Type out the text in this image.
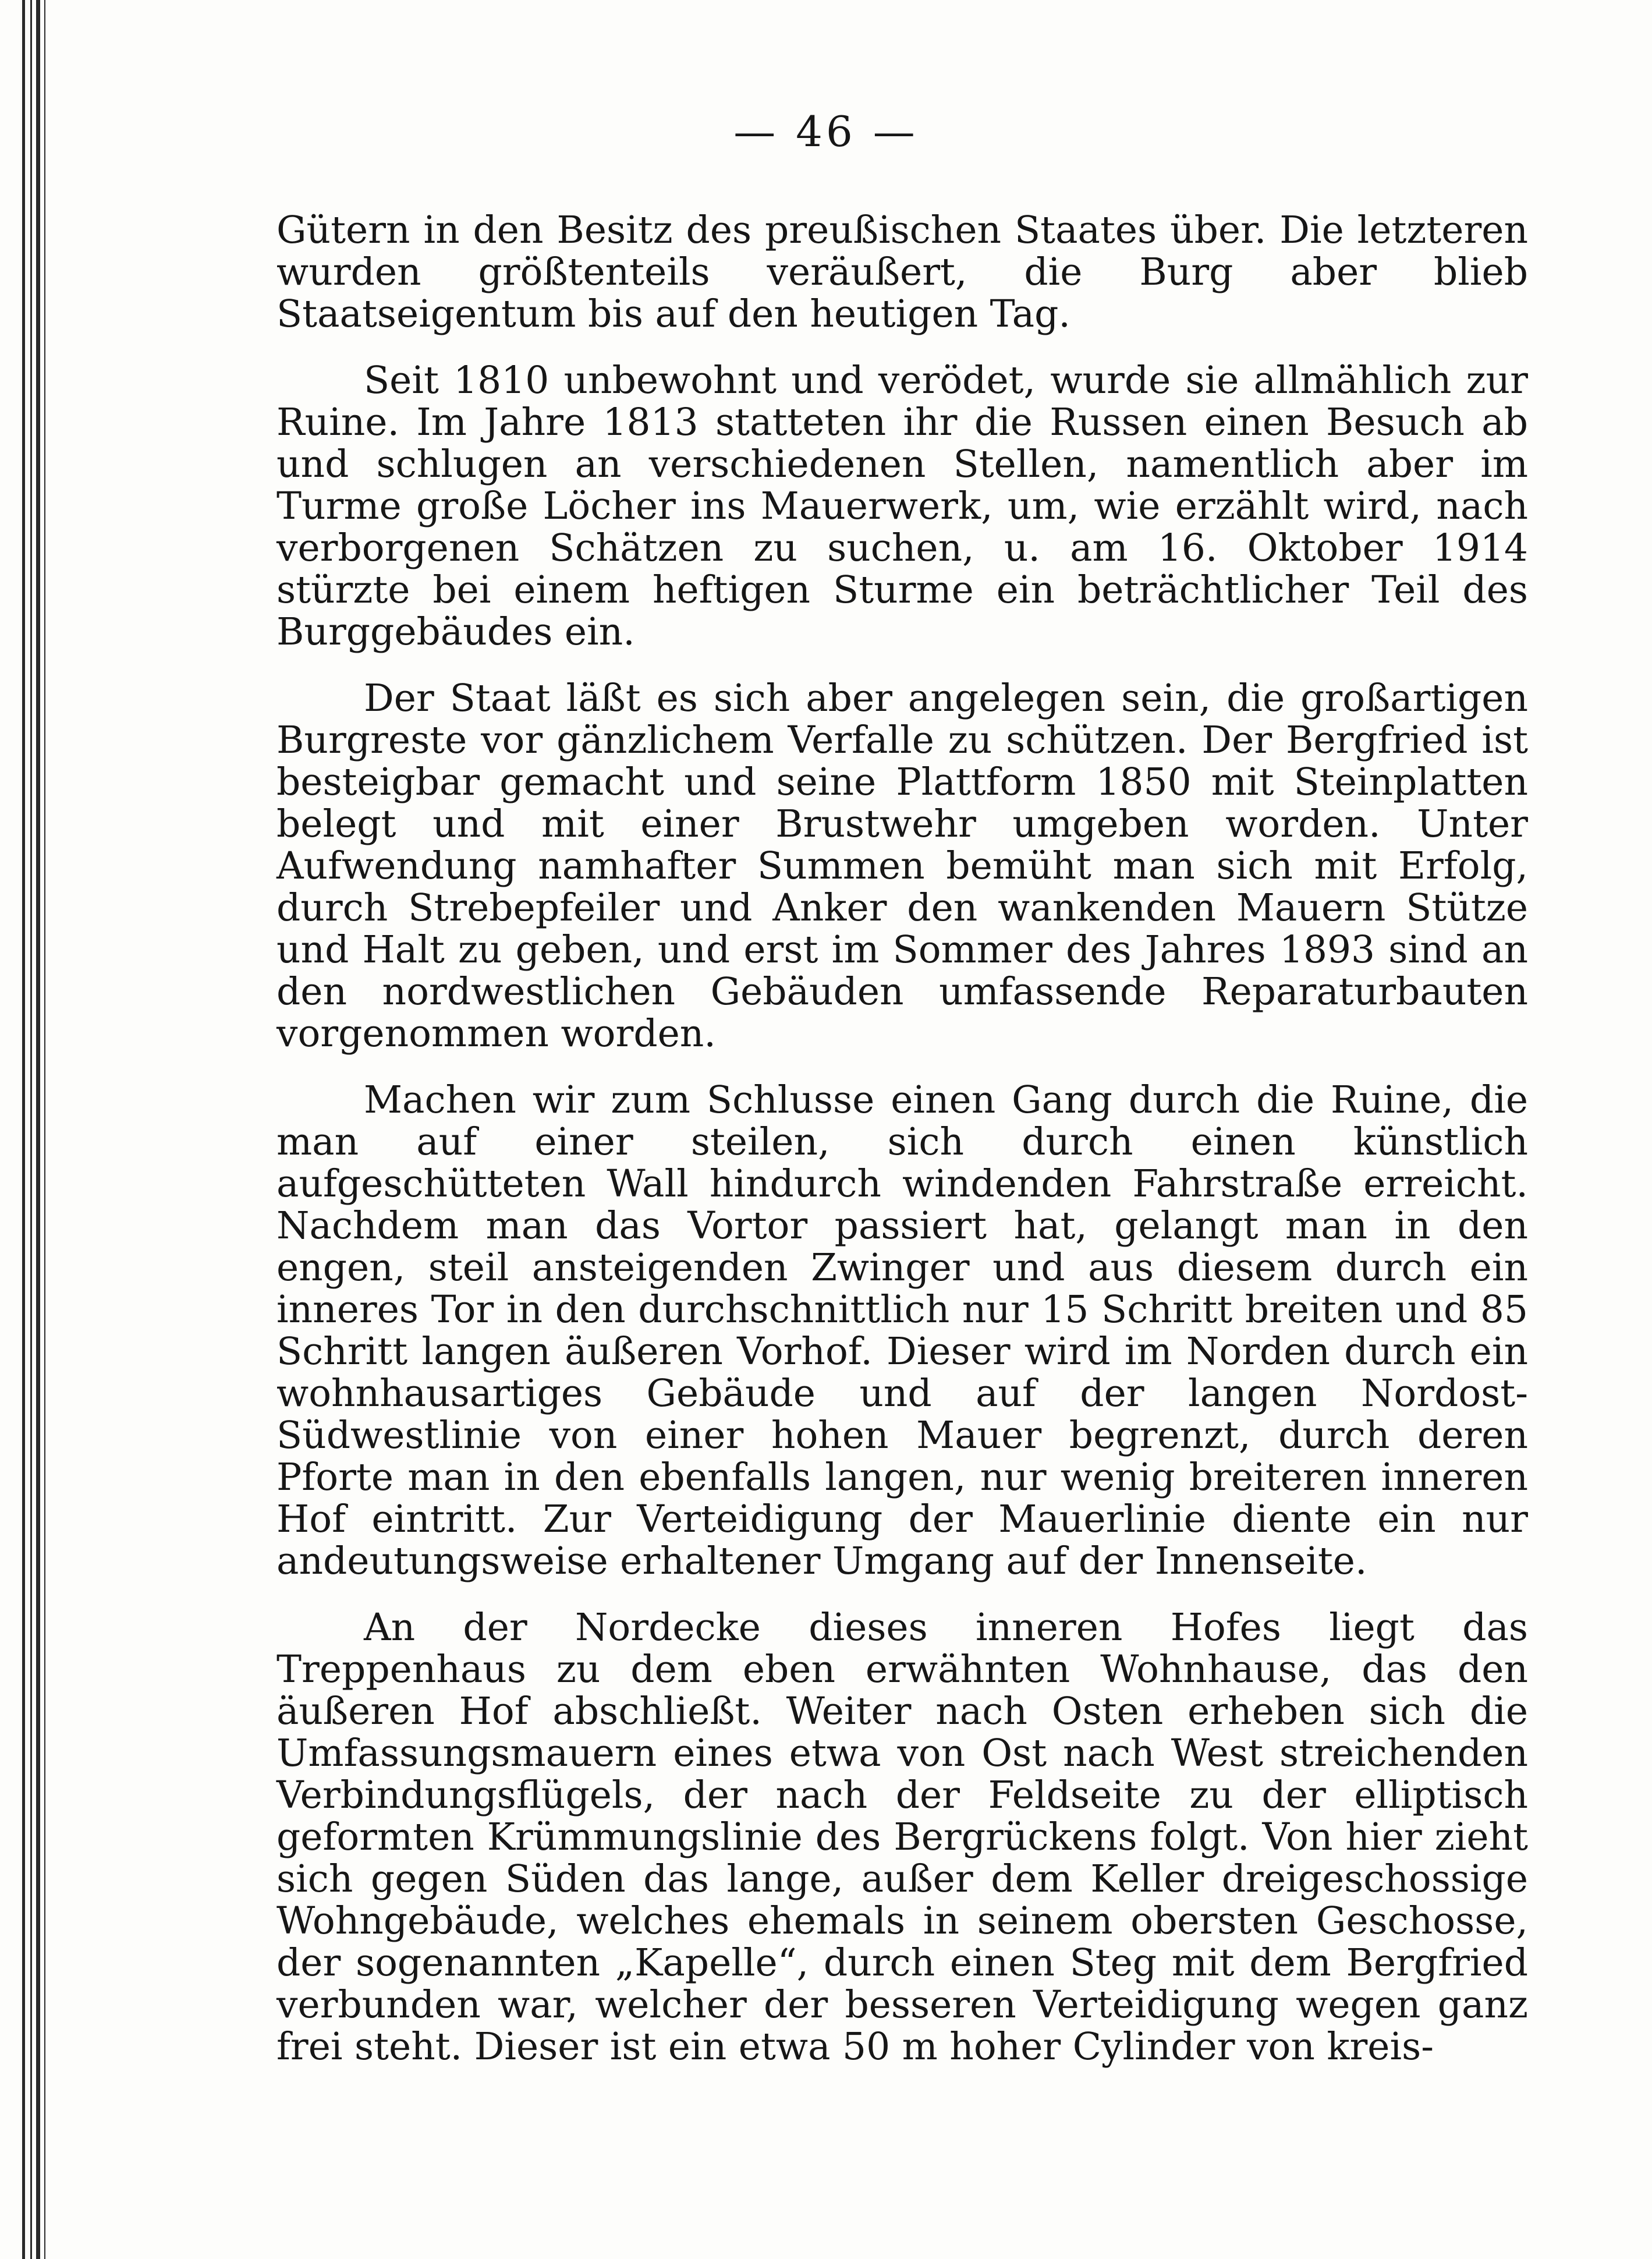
— 46 —

Gütern in den Besitz des preußischen Staates über. Die letzteren wurden größtenteils veräußert, die Burg aber blieb Staatseigentum bis auf den heutigen Tag.

Seit 1810 unbewohnt und verödet, wurde sie allmählich zur Ruine. Im Jahre 1813 statteten ihr die Russen einen Besuch ab und schlugen an verschiedenen Stellen, namentlich aber im Turme große Löcher ins Mauerwerk, um, wie erzählt wird, nach verborgenen Schätzen zu suchen, u. am 16. Oktober 1914 stürzte bei einem heftigen Sturme ein beträchtlicher Teil des Burggebäudes ein.

Der Staat läßt es sich aber angelegen sein, die großartigen Burgreste vor gänzlichem Verfalle zu schützen. Der Bergfried ist besteigbar gemacht und seine Plattform 1850 mit Steinplatten belegt und mit einer Brustwehr umgeben worden. Unter Aufwendung namhafter Summen bemüht man sich mit Erfolg, durch Strebepfeiler und Anker den wankenden Mauern Stütze und Halt zu geben, und erst im Sommer des Jahres 1893 sind an den nordwestlichen Gebäuden umfassende Reparaturbauten vorgenommen worden.

Machen wir zum Schlusse einen Gang durch die Ruine, die man auf einer steilen, sich durch einen künstlich aufgeschütteten Wall hindurch windenden Fahrstraße erreicht. Nachdem man das Vortor passiert hat, gelangt man in den engen, steil ansteigenden Zwinger und aus diesem durch ein inneres Tor in den durchschnittlich nur 15 Schritt breiten und 85 Schritt langen äußeren Vorhof. Dieser wird im Norden durch ein wohnhausartiges Gebäude und auf der langen Nordost-Südwestlinie von einer hohen Mauer begrenzt, durch deren Pforte man in den ebenfalls langen, nur wenig breiteren inneren Hof eintritt. Zur Verteidigung der Mauerlinie diente ein nur andeutungsweise erhaltener Umgang auf der Innenseite.

An der Nordecke dieses inneren Hofes liegt das Treppenhaus zu dem eben erwähnten Wohnhause, das den äußeren Hof abschließt. Weiter nach Osten erheben sich die Umfassungsmauern eines etwa von Ost nach West streichenden Verbindungsflügels, der nach der Feldseite zu der elliptisch geformten Krümmungslinie des Bergrückens folgt. Von hier zieht sich gegen Süden das lange, außer dem Keller dreigeschossige Wohngebäude, welches ehemals in seinem obersten Geschosse, der sogenannten „Kapelle“, durch einen Steg mit dem Bergfried verbunden war, welcher der besseren Verteidigung wegen ganz frei steht. Dieser ist ein etwa 50 m hoher Cylinder von kreis-
